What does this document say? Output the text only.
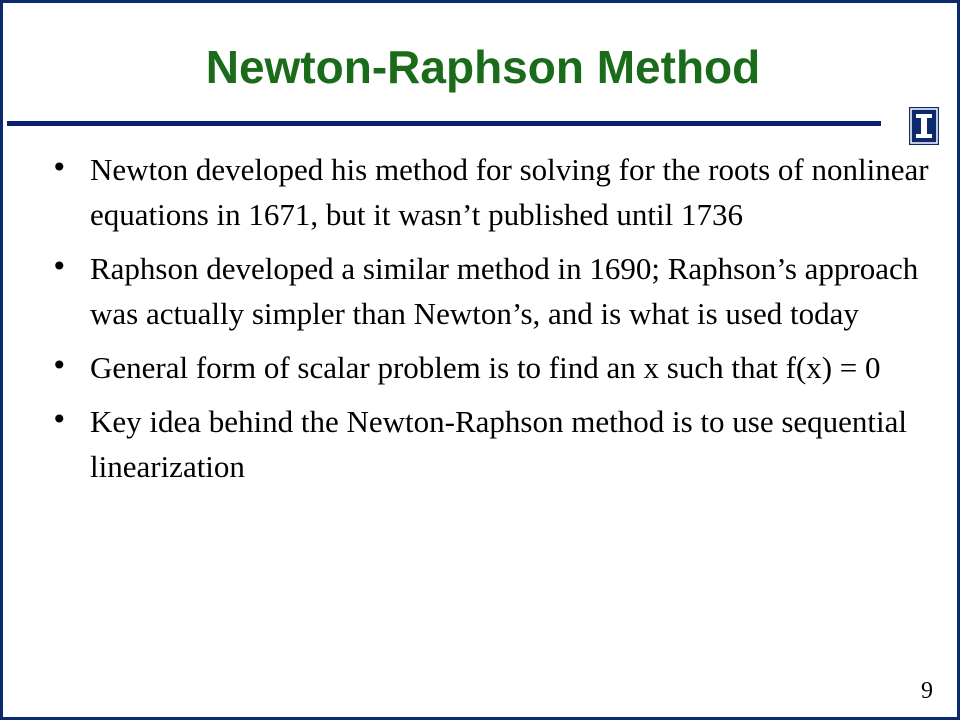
Newton-Raphson Method
• Newton developed his method for solving for the roots of nonlinear equations in 1671, but it wasn’t published until 1736
• Raphson developed a similar method in 1690; Raphson’s approach was actually simpler than Newton’s, and is what is used today
• General form of scalar problem is to find an x such that f(x) = 0
• Key idea behind the Newton-Raphson method is to use sequential linearization
9
